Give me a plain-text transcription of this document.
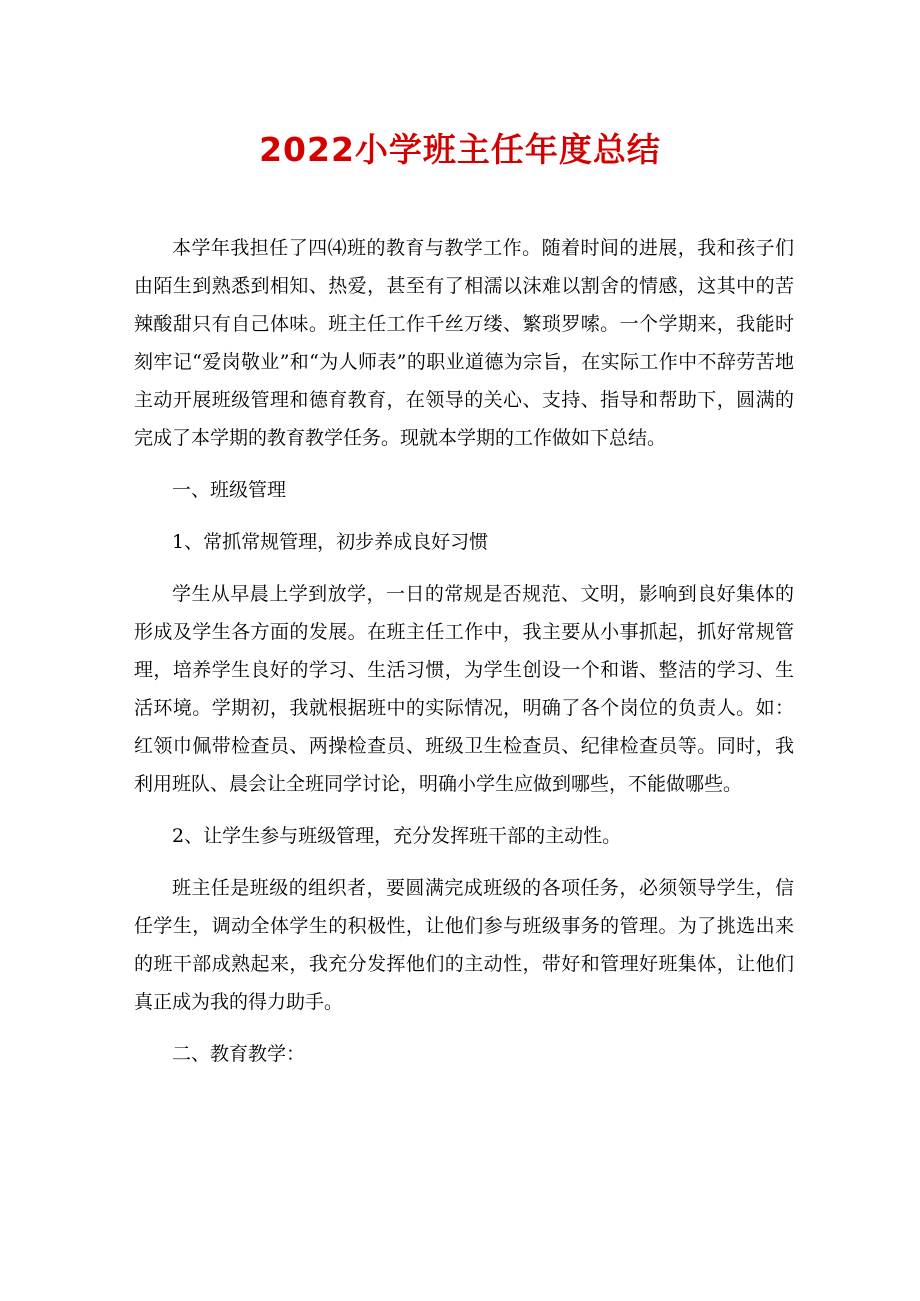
2022小学班主任年度总结

本学年我担任了四⑷班的教育与教学工作。随着时间的进展，我和孩子们由陌生到熟悉到相知、热爱，甚至有了相濡以沫难以割舍的情感，这其中的苦辣酸甜只有自己体味。班主任工作千丝万缕、繁琐罗嗦。一个学期来，我能时刻牢记“爱岗敬业”和“为人师表”的职业道德为宗旨，在实际工作中不辞劳苦地主动开展班级管理和德育教育，在领导的关心、支持、指导和帮助下，圆满的完成了本学期的教育教学任务。现就本学期的工作做如下总结。

一、班级管理

1、常抓常规管理，初步养成良好习惯

学生从早晨上学到放学，一日的常规是否规范、文明，影响到良好集体的形成及学生各方面的发展。在班主任工作中，我主要从小事抓起，抓好常规管理，培养学生良好的学习、生活习惯，为学生创设一个和谐、整洁的学习、生活环境。学期初，我就根据班中的实际情况，明确了各个岗位的负责人。如：红领巾佩带检查员、两操检查员、班级卫生检查员、纪律检查员等。同时，我利用班队、晨会让全班同学讨论，明确小学生应做到哪些，不能做哪些。

2、让学生参与班级管理，充分发挥班干部的主动性。

班主任是班级的组织者，要圆满完成班级的各项任务，必须领导学生，信任学生，调动全体学生的积极性，让他们参与班级事务的管理。为了挑选出来的班干部成熟起来，我充分发挥他们的主动性，带好和管理好班集体，让他们真正成为我的得力助手。

二、教育教学：
